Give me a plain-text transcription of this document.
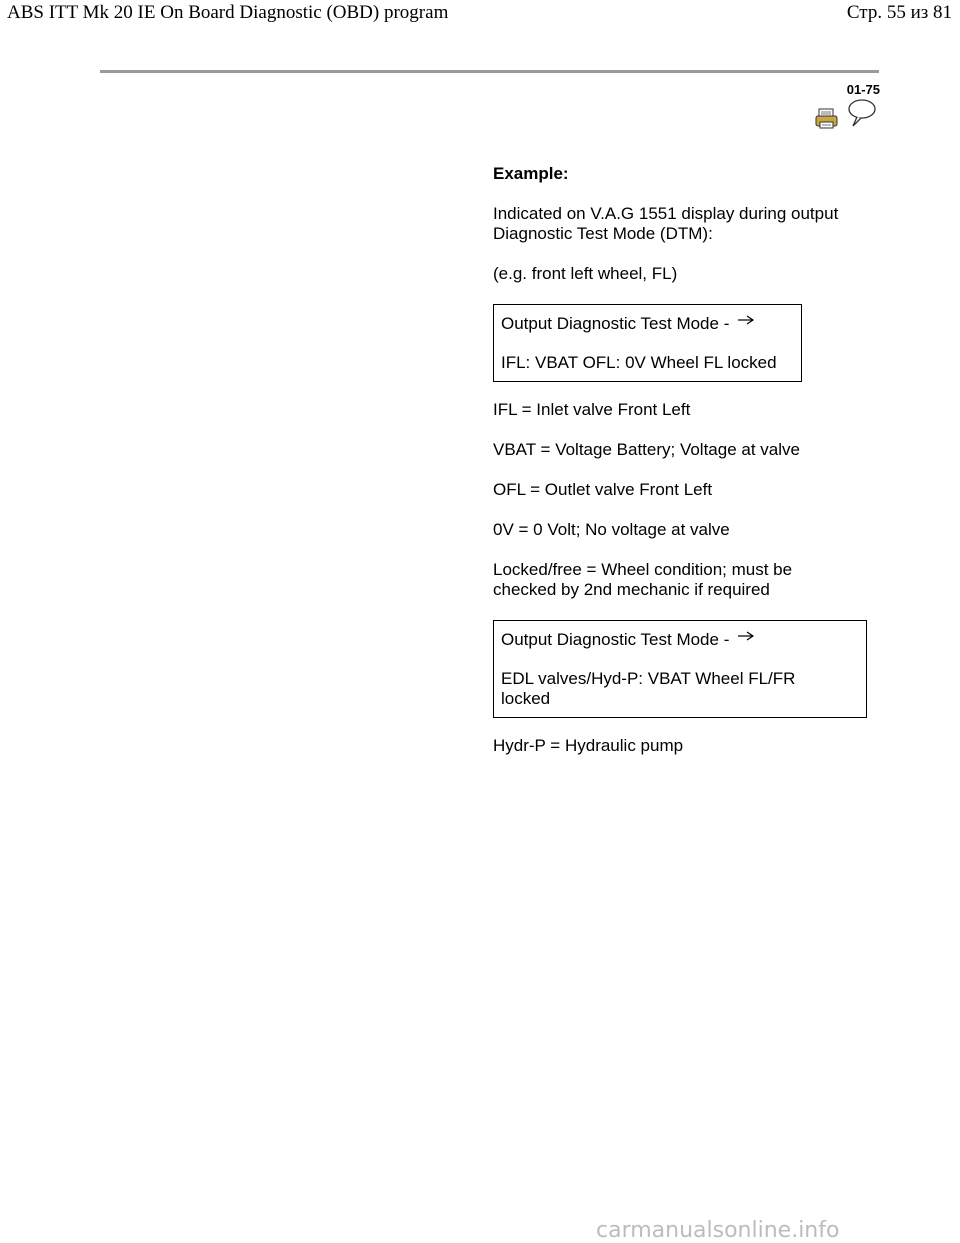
ABS ITT Mk 20 IE On Board Diagnostic (OBD) program	Стр. 55 из 81
01-75

Example:

Indicated on V.A.G 1551 display during output Diagnostic Test Mode (DTM):

(e.g. front left wheel, FL)

Output Diagnostic Test Mode -
IFL: VBAT OFL: 0V Wheel FL locked

IFL = Inlet valve Front Left

VBAT = Voltage Battery; Voltage at valve

OFL = Outlet valve Front Left

0V = 0 Volt; No voltage at valve

Locked/free = Wheel condition; must be checked by 2nd mechanic if required

Output Diagnostic Test Mode -
EDL valves/Hyd-P: VBAT Wheel FL/FR locked

Hydr-P = Hydraulic pump

carmanualsonline.info
